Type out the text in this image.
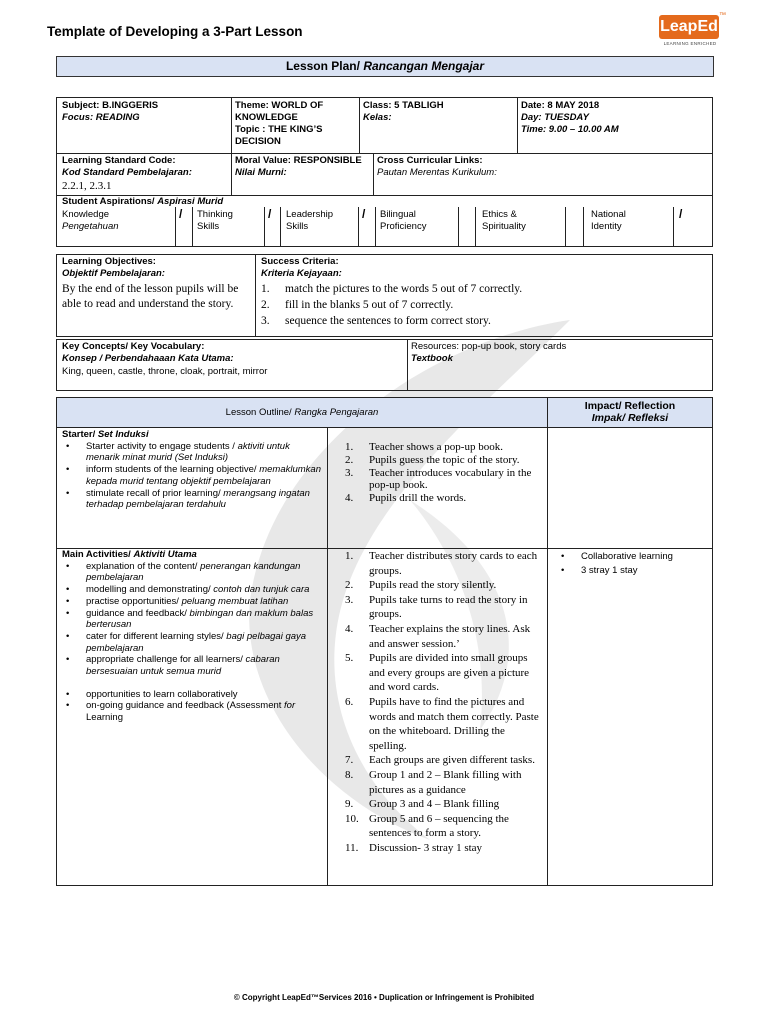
Template of Developing a 3-Part Lesson	LeapEd
™
LEARNING ENRICHED
Lesson Plan/ Rancangan Mengajar
Subject: B.INGGERIS
Focus: READING
Theme: WORLD OF KNOWLEDGE
Topic : THE KING’S DECISION
Class: 5 TABLIGH
Kelas:
Date: 8 MAY 2018
Day: TUESDAY
Time: 9.00 – 10.00 AM
Learning Standard Code:
Kod Standard Pembelajaran:
2.2.1, 2.3.1
Moral Value: RESPONSIBLE
Nilai Murni:
Cross Curricular Links:
Pautan Merentas Kurikulum:
Student Aspirations/ Aspirasi Murid
Knowledge
Pengetahuan
/ Thinking
Skills
/ Leadership
Skills
/ Bilingual
Proficiency
Ethics &
Spirituality
National
Identity
/
Learning Objectives:
Objektif Pembelajaran:
By the end of the lesson pupils will be able to read and understand the story.
Success Criteria:
Kriteria Kejayaan:
1. match the pictures to the words 5 out of 7 correctly.
2. fill in the blanks 5 out of 7 correctly.
3. sequence the sentences to form correct story.
Key Concepts/ Key Vocabulary:
Konsep / Perbendahaaan Kata Utama:
King, queen, castle, throne, cloak, portrait, mirror
Resources: pop-up book, story cards
Textbook
Lesson Outline/ Rangka Pengajaran
Impact/ Reflection
Impak/ Refleksi
Starter/ Set Induksi
• Starter activity to engage students / aktiviti untuk menarik minat murid (Set Induksi)
• inform students of the learning objective/ memaklumkan kepada murid tentang objektif pembelajaran
• stimulate recall of prior learning/ merangsang ingatan terhadap pembelajaran terdahulu
1. Teacher shows a pop-up book.
2. Pupils guess the topic of the story.
3. Teacher introduces vocabulary in the pop-up book.
4. Pupils drill the words.
Main Activities/ Aktiviti Utama
• explanation of the content/ penerangan kandungan pembelajaran
• modelling and demonstrating/ contoh dan tunjuk cara
• practise opportunities/ peluang membuat latihan
• guidance and feedback/ bimbingan dan maklum balas berterusan
• cater for different learning styles/ bagi pelbagai gaya pembelajaran
• appropriate challenge for all learners/ cabaran bersesuaian untuk semua murid
• opportunities to learn collaboratively
• on-going guidance and feedback (Assessment for Learning
1. Teacher distributes story cards to each groups.
2. Pupils read the story silently.
3. Pupils take turns to read the story in groups.
4. Teacher explains the story lines. Ask and answer session.’
5. Pupils are divided into small groups and every groups are given a picture and word cards.
6. Pupils have to find the pictures and words and match them correctly. Paste on the whiteboard. Drilling the spelling.
7. Each groups are given different tasks.
8. Group 1 and 2 – Blank filling with pictures as a guidance
9. Group 3 and 4 – Blank filling
10. Group 5 and 6 – sequencing the sentences to form a story.
11. Discussion- 3 stray 1 stay
• Collaborative learning
• 3 stray 1 stay
© Copyright LeapEd™Services 2016 • Duplication or Infringement is Prohibited
